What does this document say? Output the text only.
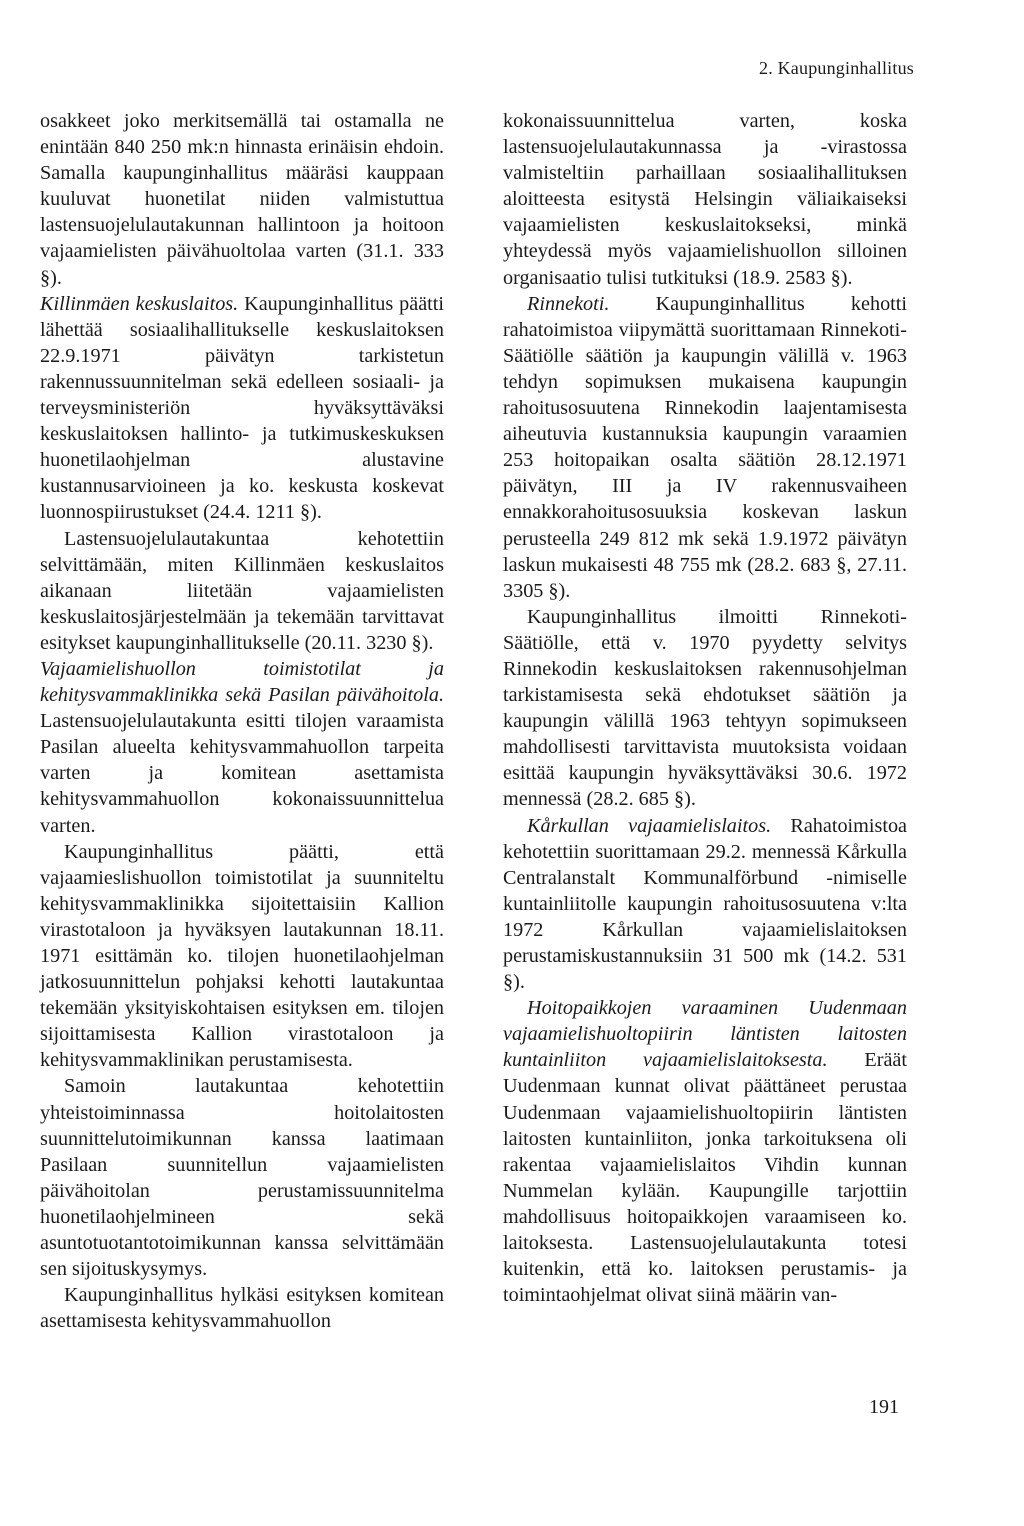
2. Kaupunginhallitus

osakkeet joko merkitsemällä tai ostamalla ne enintään 840 250 mk:n hinnasta erinäisin ehdoin. Samalla kaupunginhallitus määräsi kauppaan kuuluvat huonetilat niiden valmistuttua lastensuojelulautakunnan hallintoon ja hoitoon vajaamielisten päivähuoltolaa varten (31.1. 333 §).

Killinmäen keskuslaitos. Kaupunginhallitus päätti lähettää sosiaalihallitukselle keskuslaitoksen 22.9.1971 päivätyn tarkistetun rakennussuunnitelman sekä edelleen sosiaali- ja terveysministeriön hyväksyttäväksi keskuslaitoksen hallinto- ja tutkimuskeskuksen huonetilaohjelman alustavine kustannusarvioineen ja ko. keskusta koskevat luonnospiirustukset (24.4. 1211 §).

Lastensuojelulautakuntaa kehotettiin selvittämään, miten Killinmäen keskuslaitos aikanaan liitetään vajaamielisten keskuslaitosjärjestelmään ja tekemään tarvittavat esitykset kaupunginhallitukselle (20.11. 3230 §).

Vajaamielishuollon toimistotilat ja kehitysvammaklinikka sekä Pasilan päivähoitola. Lastensuojelulautakunta esitti tilojen varaamista Pasilan alueelta kehitysvammahuollon tarpeita varten ja komitean asettamista kehitysvammahuollon kokonaissuunnittelua varten.

Kaupunginhallitus päätti, että vajaamieslishuollon toimistotilat ja suunniteltu kehitysvammaklinikka sijoitettaisiin Kallion virastotaloon ja hyväksyen lautakunnan 18.11. 1971 esittämän ko. tilojen huonetilaohjelman jatkosuunnittelun pohjaksi kehotti lautakuntaa tekemään yksityiskohtaisen esityksen em. tilojen sijoittamisesta Kallion virastotaloon ja kehitysvammaklinikan perustamisesta.

Samoin lautakuntaa kehotettiin yhteistoiminnassa hoitolaitosten suunnittelutoimikunnan kanssa laatimaan Pasilaan suunnitellun vajaamielisten päivähoitolan perustamissuunnitelma huonetilaohjelmineen sekä asuntotuotantotoimikunnan kanssa selvittämään sen sijoituskysymys.

Kaupunginhallitus hylkäsi esityksen komitean asettamisesta kehitysvammahuollon

kokonaissuunnittelua varten, koska lastensuojelulautakunnassa ja -virastossa valmisteltiin parhaillaan sosiaalihallituksen aloitteesta esitystä Helsingin väliaikaiseksi vajaamielisten keskuslaitokseksi, minkä yhteydessä myös vajaamielishuollon silloinen organisaatio tulisi tutkituksi (18.9. 2583 §).

Rinnekoti. Kaupunginhallitus kehotti rahatoimistoa viipymättä suorittamaan Rinnekoti-Säätiölle säätiön ja kaupungin välillä v. 1963 tehdyn sopimuksen mukaisena kaupungin rahoitusosuutena Rinnekodin laajentamisesta aiheutuvia kustannuksia kaupungin varaamien 253 hoitopaikan osalta säätiön 28.12.1971 päivätyn, III ja IV rakennusvaiheen ennakkorahoitusosuuksia koskevan laskun perusteella 249 812 mk sekä 1.9.1972 päivätyn laskun mukaisesti 48 755 mk (28.2. 683 §, 27.11. 3305 §).

Kaupunginhallitus ilmoitti Rinnekoti-Säätiölle, että v. 1970 pyydetty selvitys Rinnekodin keskuslaitoksen rakennusohjelman tarkistamisesta sekä ehdotukset säätiön ja kaupungin välillä 1963 tehtyyn sopimukseen mahdollisesti tarvittavista muutoksista voidaan esittää kaupungin hyväksyttäväksi 30.6. 1972 mennessä (28.2. 685 §).

Kårkullan vajaamielislaitos. Rahatoimistoa kehotettiin suorittamaan 29.2. mennessä Kårkulla Centralanstalt Kommunalförbund -nimiselle kuntainliitolle kaupungin rahoitusosuutena v:lta 1972 Kårkullan vajaamielislaitoksen perustamiskustannuksiin 31 500 mk (14.2. 531 §).

Hoitopaikkojen varaaminen Uudenmaan vajaamielishuoltopiirin läntisten laitosten kuntainliiton vajaamielislaitoksesta. Eräät Uudenmaan kunnat olivat päättäneet perustaa Uudenmaan vajaamielishuoltopiirin läntisten laitosten kuntainliiton, jonka tarkoituksena oli rakentaa vajaamielislaitos Vihdin kunnan Nummelan kylään. Kaupungille tarjottiin mahdollisuus hoitopaikkojen varaamiseen ko. laitoksesta. Lastensuojelulautakunta totesi kuitenkin, että ko. laitoksen perustamis- ja toimintaohjelmat olivat siinä määrin van-

191
